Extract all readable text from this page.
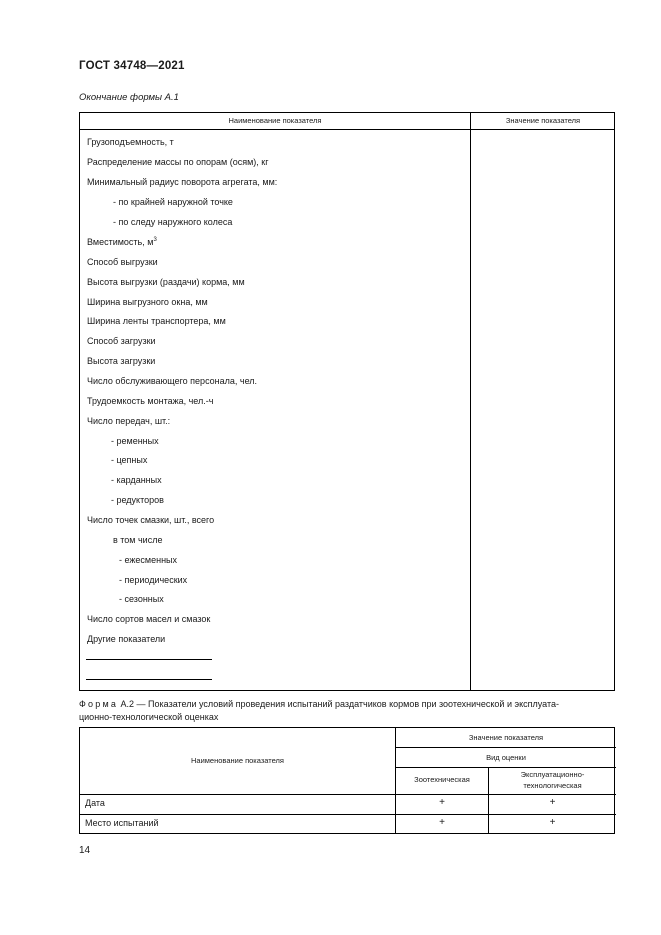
ГОСТ 34748—2021
Окончание формы А.1
Наименование показателя	Значение показателя
Грузоподъемность, т
Распределение массы по опорам (осям), кг
Минимальный радиус поворота агрегата, мм:
- по крайней наружной точке
- по следу наружного колеса
Вместимость, $м^3$
Способ выгрузки
Высота выгрузки (раздачи) корма, мм
Ширина выгрузного окна, мм
Ширина ленты транспортера, мм
Способ загрузки
Высота загрузки
Число обслуживающего персонала, чел.
Трудоемкость монтажа, чел.-ч
Число передач, шт.:
- ременных
- цепных
- карданных
- редукторов
Число точек смазки, шт., всего
в том числе
- ежесменных
- периодических
- сезонных
Число сортов масел и смазок
Другие показатели
Форма А.2 — Показатели условий проведения испытаний раздатчиков кормов при зоотехнической и эксплуата-
ционно-технологической оценках
Наименование показателя
Значение показателя
Вид оценки
Зоотехническая
Эксплуатационно-
технологическая
Дата	+	+
Место испытаний	+	+
14
